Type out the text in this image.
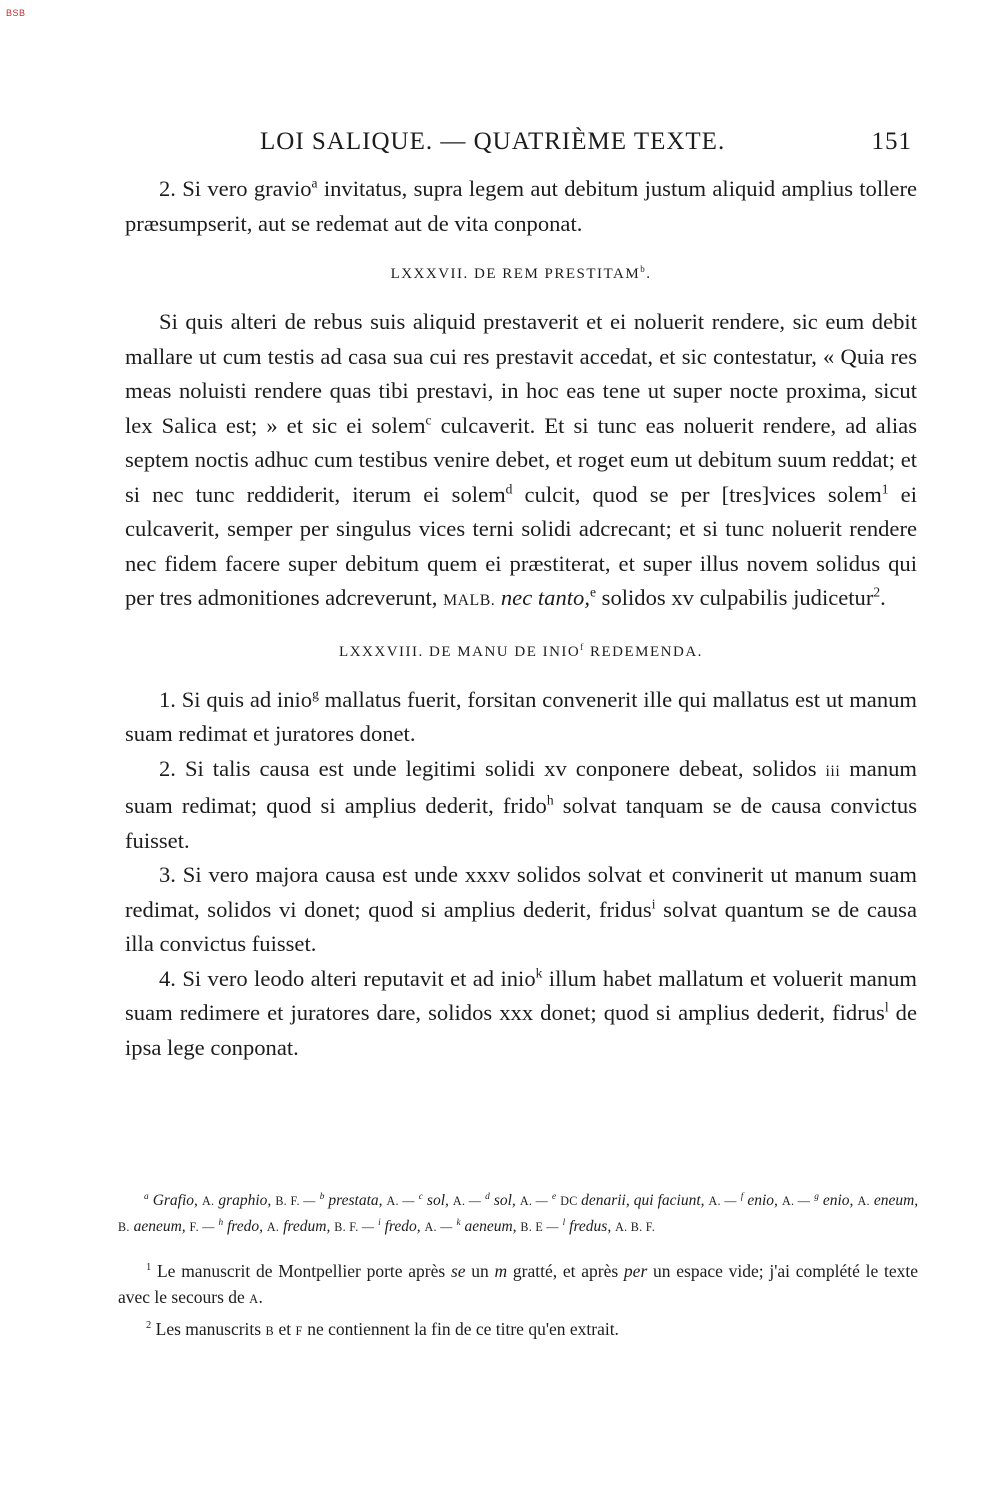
BSB
LOI SALIQUE. — QUATRIÈME TEXTE.	151

2. Si vero gravio$^a$ invitatus, supra legem aut debitum justum aliquid amplius tollere præsumpserit, aut se redemat aut de vita conponat.

LXXXVII. DE REM PRESTITAM$^b$.

Si quis alteri de rebus suis aliquid prestaverit et ei noluerit rendere, sic eum debit mallare ut cum testis ad casa sua cui res prestavit accedat, et sic contestatur, « Quia res meas noluisti rendere quas tibi prestavi, in hoc eas tene ut super nocte proxima, sicut lex Salica est; » et sic ei solem$^c$ culcaverit. Et si tunc eas noluerit rendere, ad alias septem noctis adhuc cum testibus venire debet, et roget eum ut debitum suum reddat; et si nec tunc reddiderit, iterum ei solem$^d$ culcit, quod se per [tres]vices solem$^1$ ei culcaverit, semper per singulus vices terni solidi adcrecant; et si tunc noluerit rendere nec fidem facere super debitum quem ei præstiterat, et super illus novem solidus qui per tres admonitiones adcreverunt, MALB. nec tanto,$^e$ solidos xv culpabilis judicetur$^2$.

LXXXVIII. DE MANU DE INIO$^f$ REDEMENDA.

1. Si quis ad inio$^g$ mallatus fuerit, forsitan convenerit ille qui mallatus est ut manum suam redimat et juratores donet.

2. Si talis causa est unde legitimi solidi xv conponere debeat, solidos iii manum suam redimat; quod si amplius dederit, frido$^h$ solvat tanquam se de causa convictus fuisset.

3. Si vero majora causa est unde xxxv solidos solvat et convinerit ut manum suam redimat, solidos vi donet; quod si amplius dederit, fridus$^i$ solvat quantum se de causa illa convictus fuisset.

4. Si vero leodo alteri reputavit et ad inio$^k$ illum habet mallatum et voluerit manum suam redimere et juratores dare, solidos xxx donet; quod si amplius dederit, fidrus$^l$ de ipsa lege conponat.

$^a$ Grafio, A. graphio, B. F. — $^b$ prestata, A. — $^c$ sol, A. — $^d$ sol, A. — $^e$ DC denarii, qui faciunt, A. — $^f$ enio, A. — $^g$ enio, A. eneum, B. aeneum, F. — $^h$ fredo, A. fredum, B. F. — $^i$ fredo, A. — $^k$ aeneum, B. E — $^l$ fredus, A. B. F.

$^1$ Le manuscrit de Montpellier porte après se un m gratté, et après per un espace vide; j'ai complété le texte avec le secours de A.

$^2$ Les manuscrits B et F ne contiennent la fin de ce titre qu'en extrait.
